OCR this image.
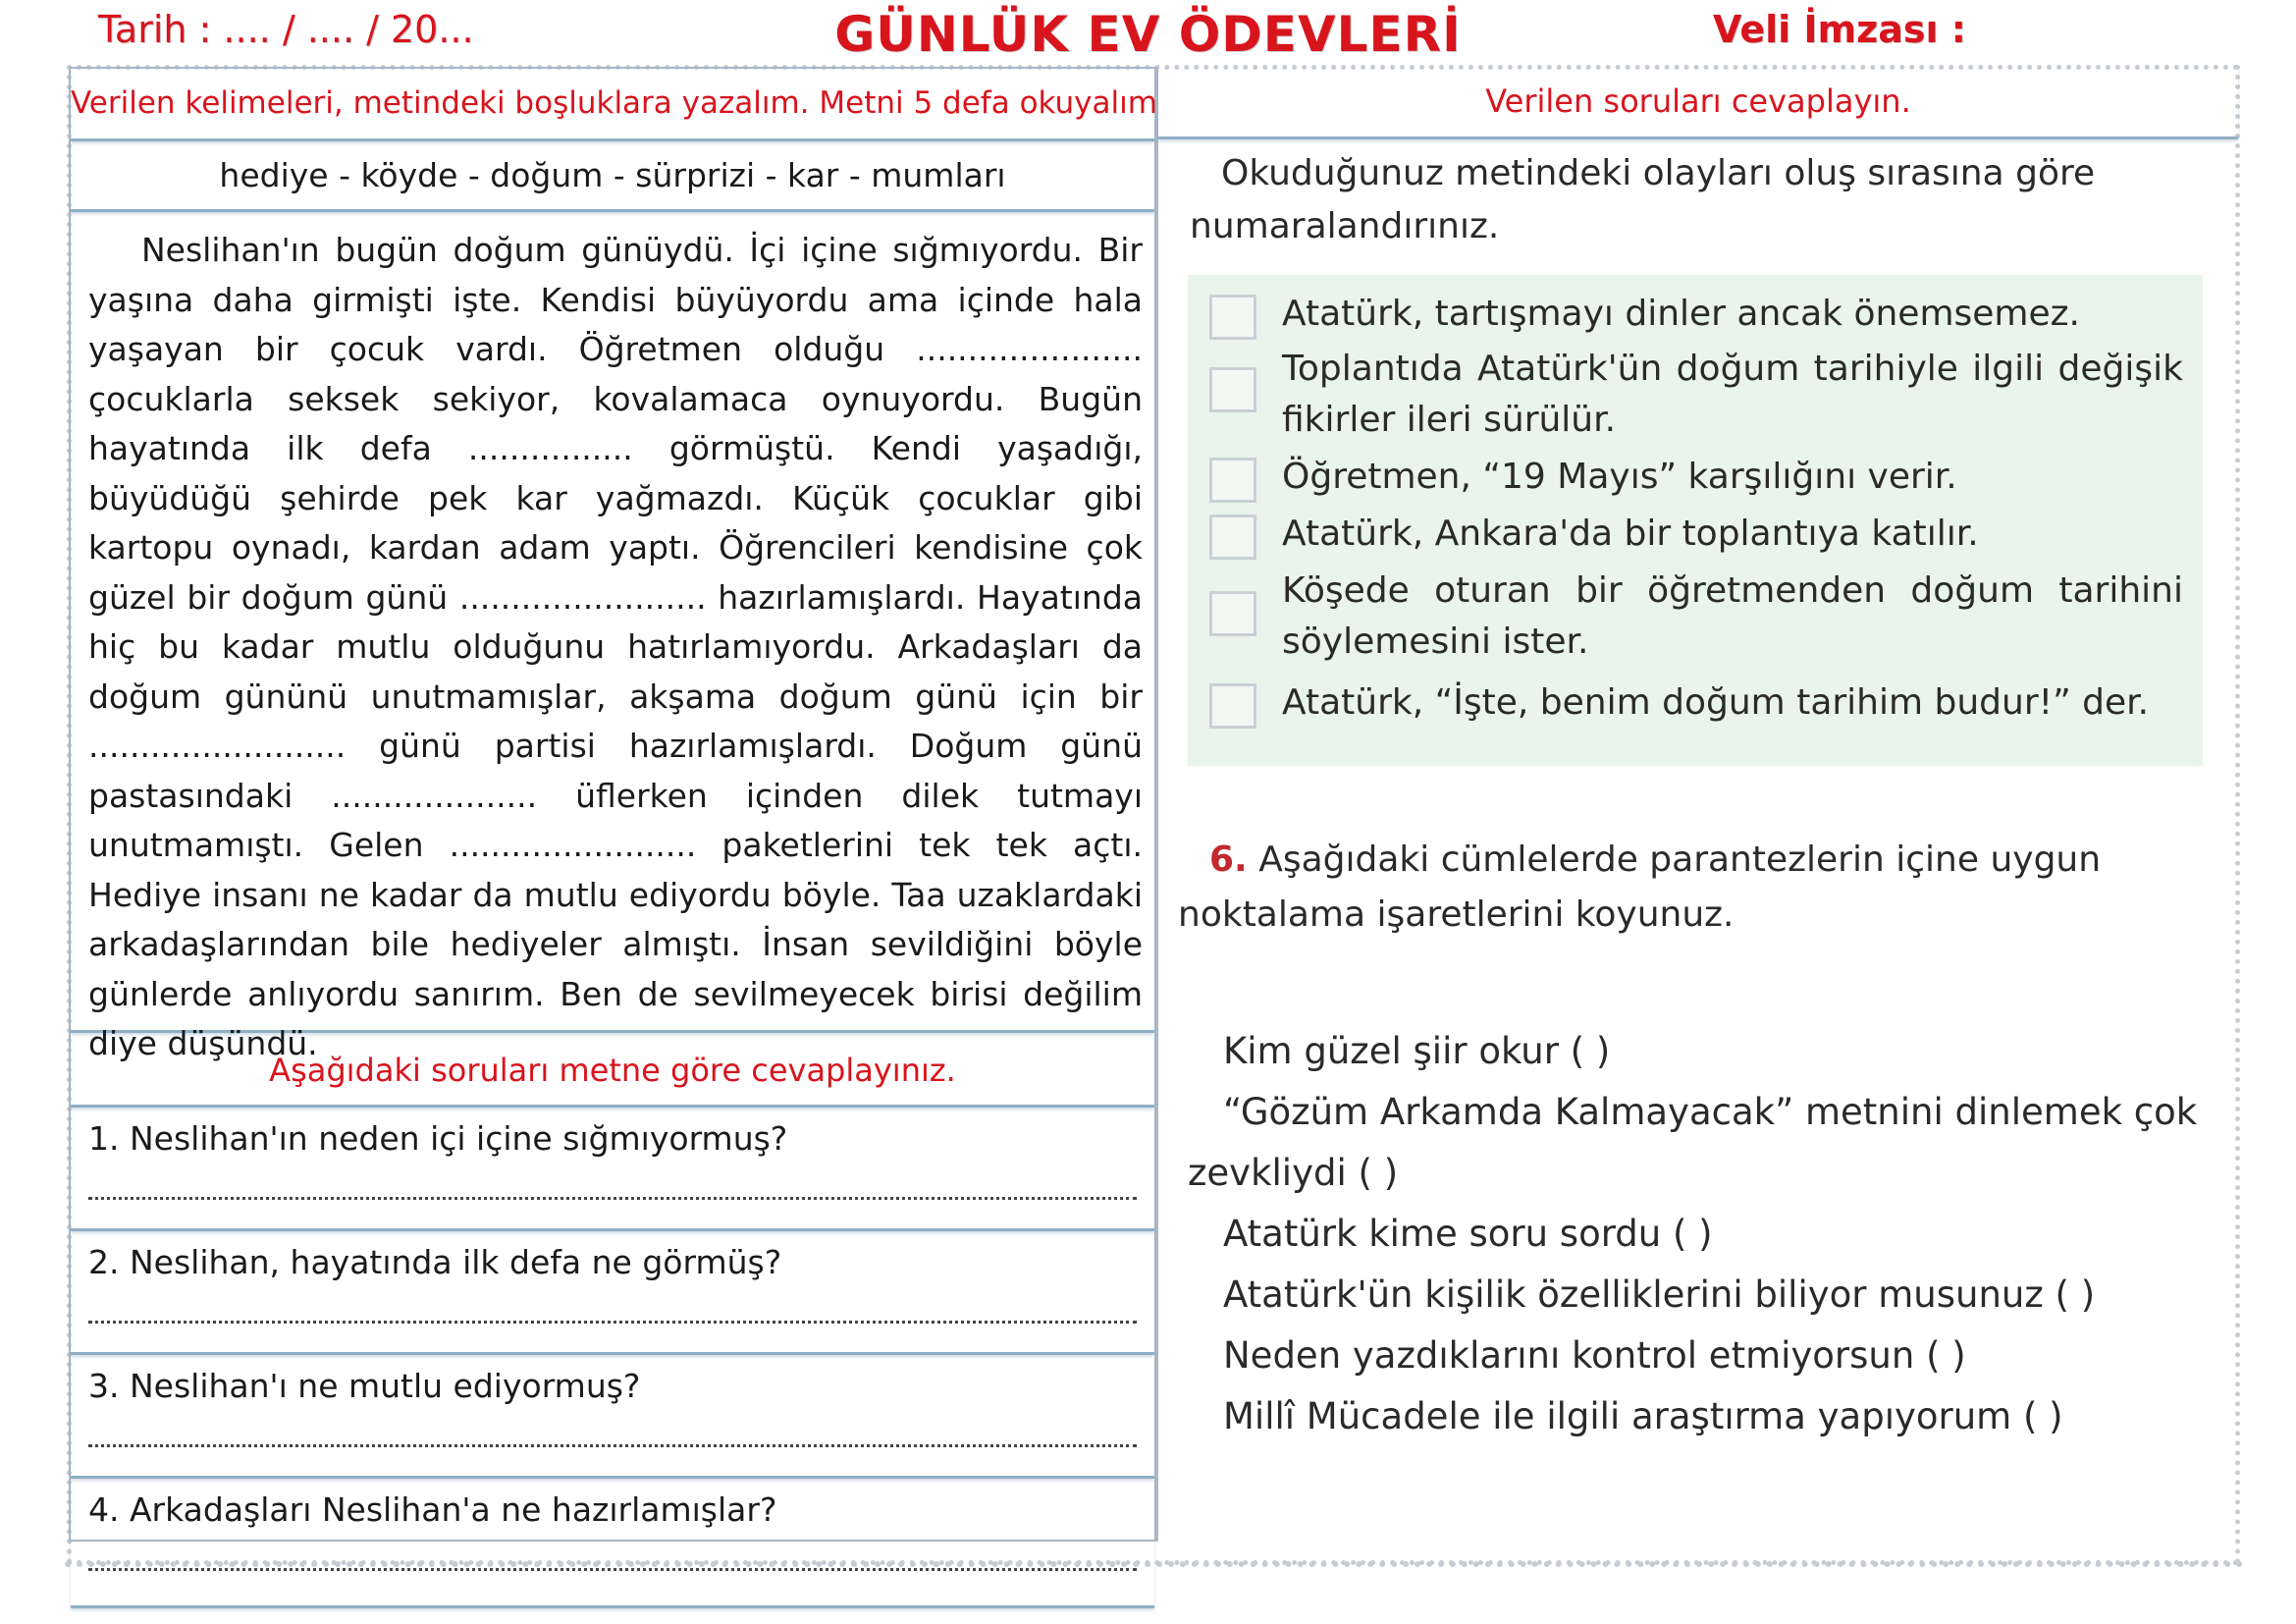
Tarih : .... / .... / 20...	GÜNLÜK EV ÖDEVLERİ	Veli İmzası :
Verilen kelimeleri, metindeki boşluklara yazalım. Metni 5 defa okuyalım
hediye - köyde - doğum - sürprizi - kar - mumları

Neslihan'ın bugün doğum günüydü. İçi içine sığmıyordu. Bir yaşına daha girmişti işte. Kendisi büyüyordu ama içinde hala yaşayan bir çocuk vardı. Öğretmen olduğu ...................... çocuklarla seksek sekiyor, kovalamaca oynuyordu. Bugün hayatında ilk defa ................ görmüştü. Kendi yaşadığı, büyüdüğü şehirde pek kar yağmazdı. Küçük çocuklar gibi kartopu oynadı, kardan adam yaptı. Öğrencileri kendisine çok güzel bir doğum günü ........................ hazırlamışlardı. Hayatında hiç bu kadar mutlu olduğunu hatırlamıyordu. Arkadaşları da doğum gününü unutmamışlar, akşama doğum günü için bir ......................... günü partisi hazırlamışlardı. Doğum günü pastasındaki .................... üflerken içinden dilek tutmayı unutmamıştı. Gelen ........................ paketlerini tek tek açtı. Hediye insanı ne kadar da mutlu ediyordu böyle. Taa uzaklardaki arkadaşlarından bile hediyeler almıştı. İnsan sevildiğini böyle günlerde anlıyordu sanırım. Ben de sevilmeyecek birisi değilim diye düşündü.

Aşağıdaki soruları metne göre cevaplayınız.
1. Neslihan'ın neden içi içine sığmıyormuş?
2. Neslihan, hayatında ilk defa ne görmüş?
3. Neslihan'ı ne mutlu ediyormuş?
4. Arkadaşları Neslihan'a ne hazırlamışlar?
Verilen soruları cevaplayın.
Okuduğunuz metindeki olayları oluş sırasına göre numaralandırınız.
Atatürk, tartışmayı dinler ancak önemsemez.
Toplantıda Atatürk'ün doğum tarihiyle ilgili değişik fikirler ileri sürülür.
Öğretmen, “19 Mayıs” karşılığını verir.
Atatürk, Ankara'da bir toplantıya katılır.
Köşede oturan bir öğretmenden doğum tarihini söylemesini ister.
Atatürk, “İşte, benim doğum tarihim budur!” der.
6. Aşağıdaki cümlelerde parantezlerin içine uygun noktalama işaretlerini koyunuz.
Kim güzel şiir okur ( )
“Gözüm Arkamda Kalmayacak” metnini dinlemek çok zevkliydi ( )
Atatürk kime soru sordu ( )
Atatürk'ün kişilik özelliklerini biliyor musunuz ( )
Neden yazdıklarını kontrol etmiyorsun ( )
Millî Mücadele ile ilgili araştırma yapıyorum ( )
